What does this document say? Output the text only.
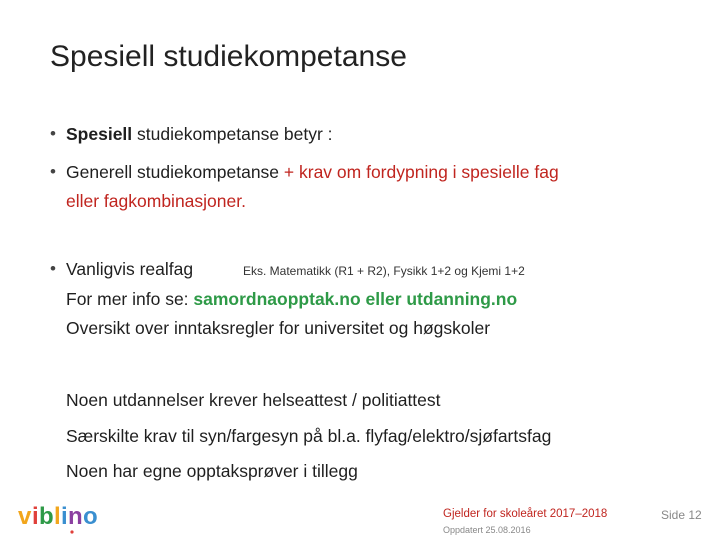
Spesiell studiekompetanse
• Spesiell studiekompetanse betyr :
• Generell studiekompetanse + krav om fordypning i spesielle fag
eller fagkombinasjoner.
• Vanligvis realfag	Eks. Matematikk (R1 + R2), Fysikk 1+2 og Kjemi 1+2
For mer info se: samordnaopptak.no eller utdanning.no
Oversikt over inntaksregler for universitet og høgskoler
Noen utdannelser krever helseattest / politiattest
Særskilte krav til syn/fargesyn på bl.a. flyfag/elektro/sjøfartsfag
Noen har egne opptaksprøver i tillegg
v i b l i n o	Gjelder for skoleåret 2017–2018
Oppdatert 25.08.2016
Side 12
